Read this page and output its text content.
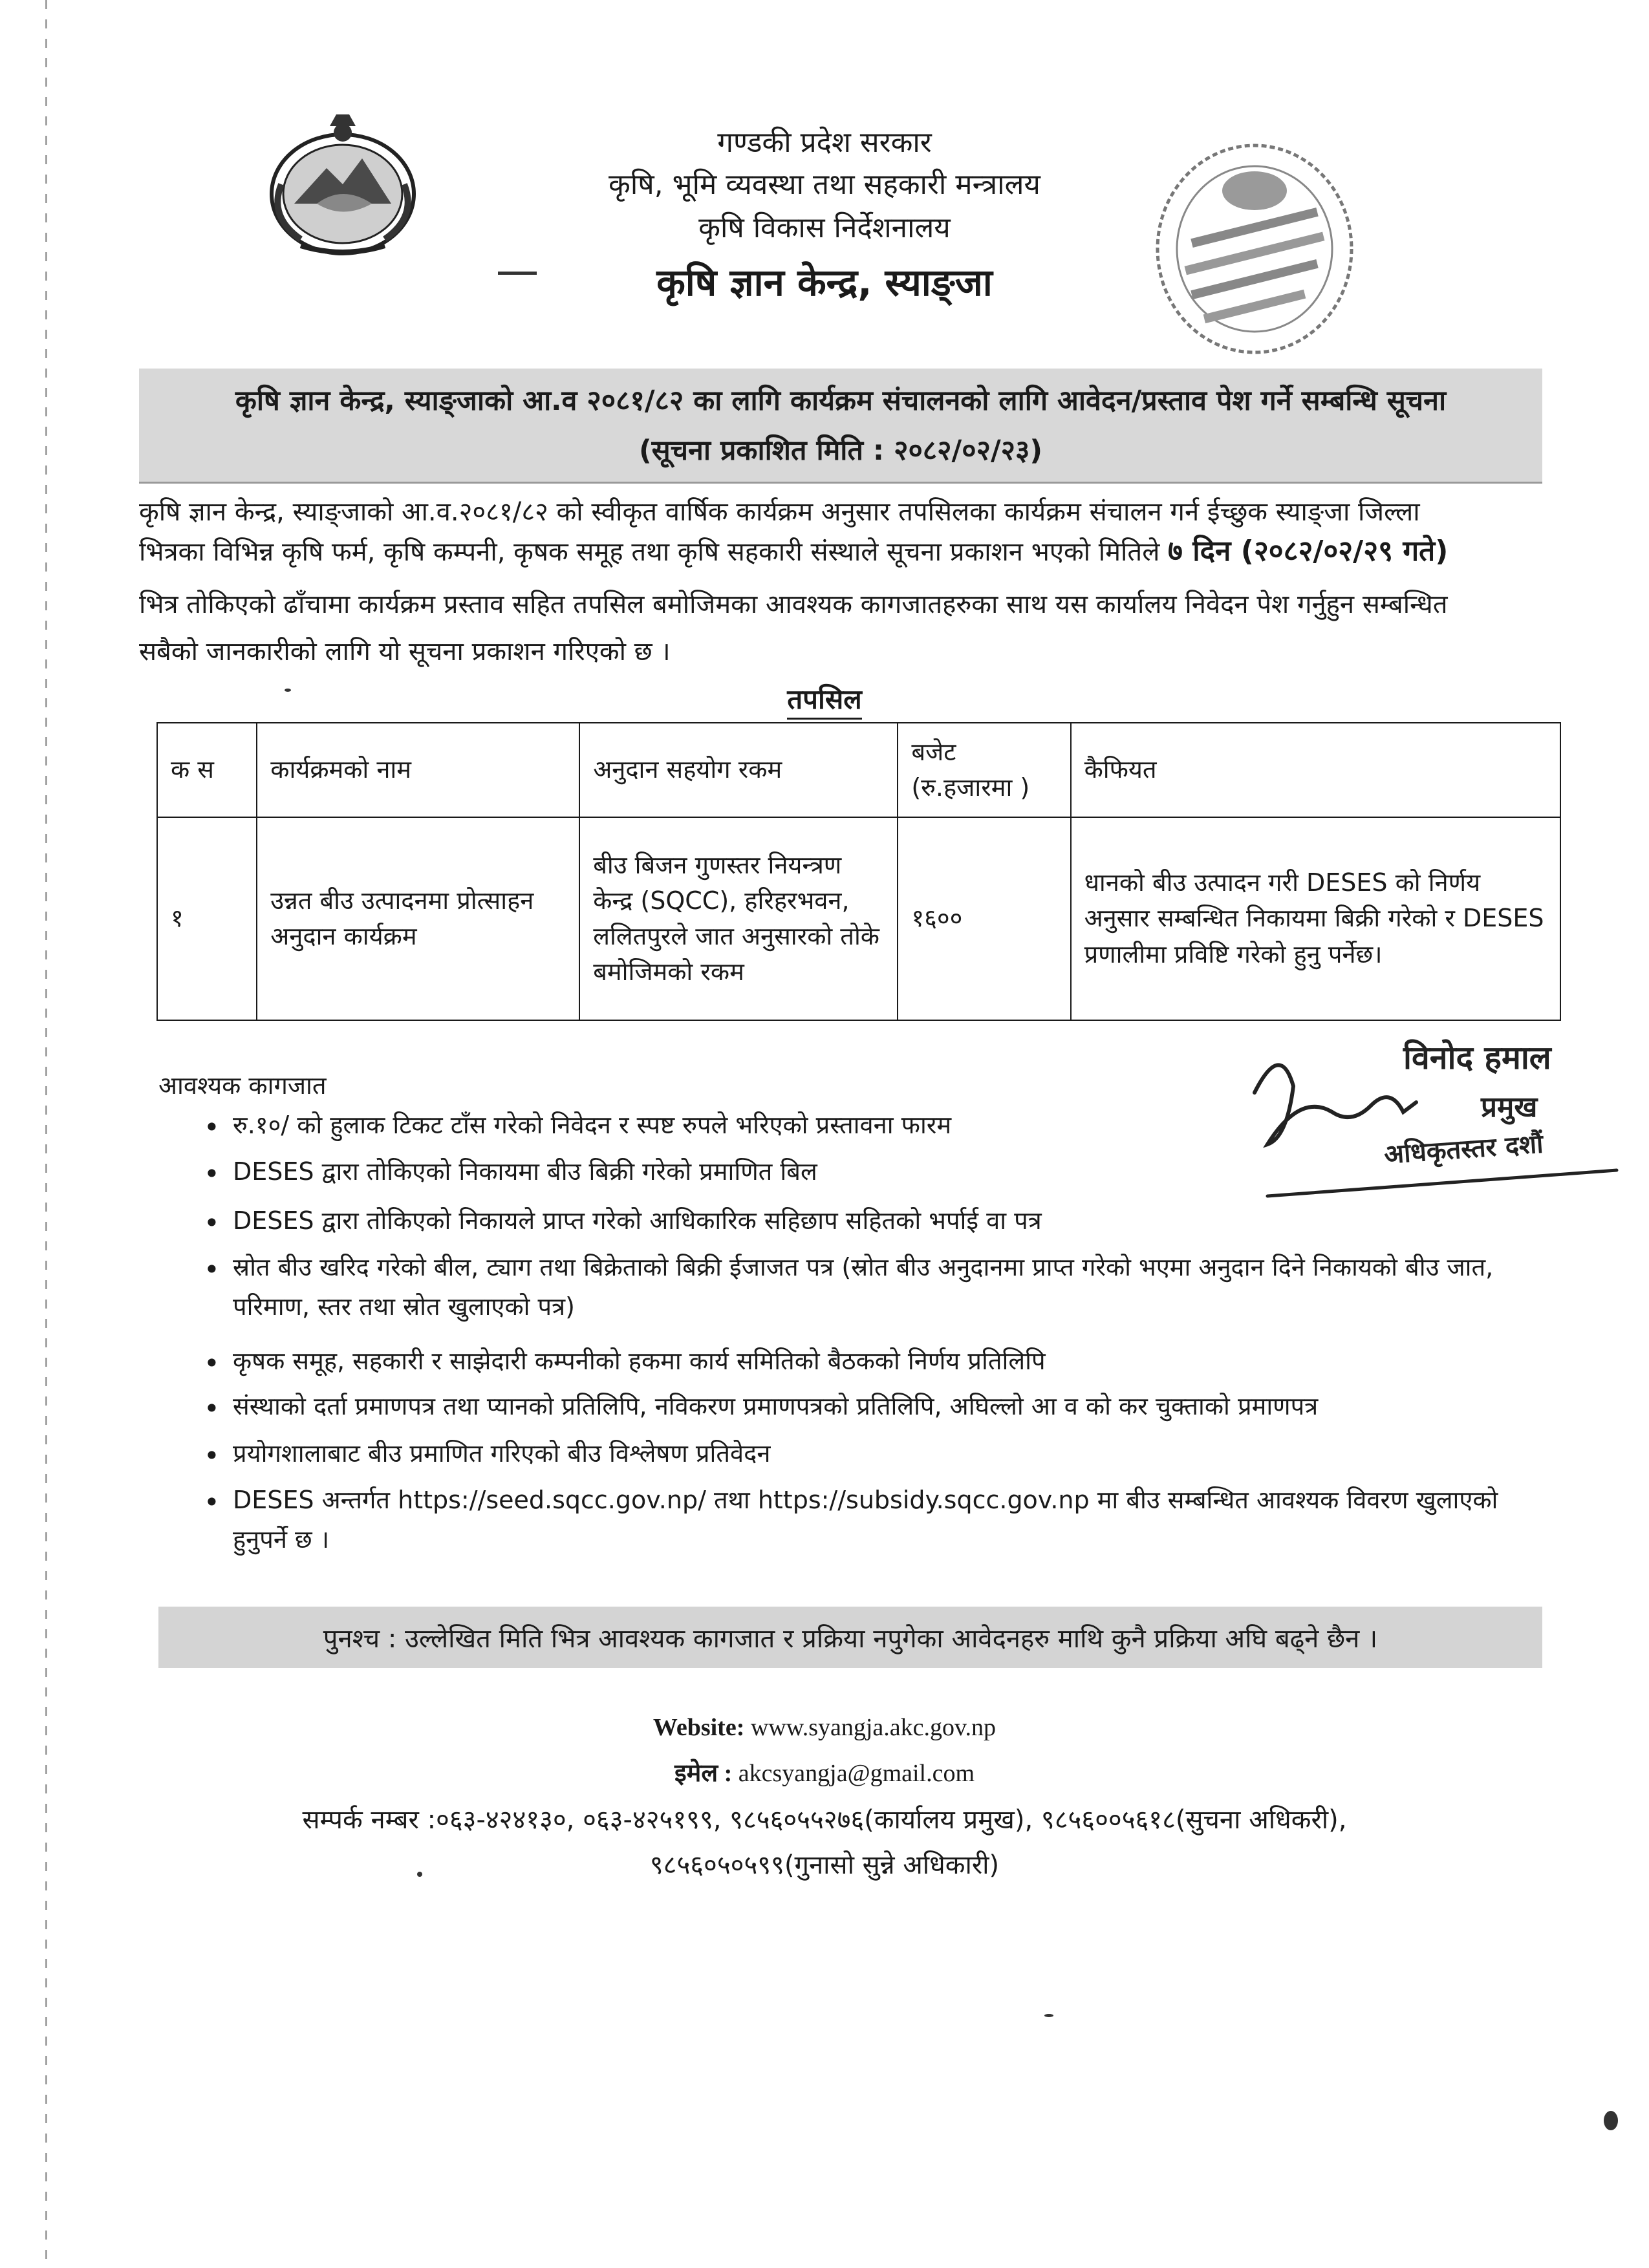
गण्डकी प्रदेश सरकार
कृषि, भूमि व्यवस्था तथा सहकारी मन्त्रालय
कृषि विकास निर्देशनालय
कृषि ज्ञान केन्द्र, स्याङ्जा
कृषि ज्ञान केन्द्र, स्याङ्जाको आ.व २०८१/८२ का लागि कार्यक्रम संचालनको लागि आवेदन/प्रस्ताव पेश गर्ने सम्बन्धि सूचना
(सूचना प्रकाशित मिति : २०८२/०२/२३)
कृषि ज्ञान केन्द्र, स्याङ्जाको आ.व.२०८१/८२ को स्वीकृत वार्षिक कार्यक्रम अनुसार तपसिलका कार्यक्रम संचालन गर्न ईच्छुक स्याङ्जा जिल्ला
भित्रका विभिन्न कृषि फर्म, कृषि कम्पनी, कृषक समूह तथा कृषि सहकारी संस्थाले सूचना प्रकाशन भएको मितिले ७ दिन (२०८२/०२/२९ गते)
भित्र तोकिएको ढाँचामा कार्यक्रम प्रस्ताव सहित तपसिल बमोजिमका आवश्यक कागजातहरुका साथ यस कार्यालय निवेदन पेश गर्नुहुन सम्बन्धित
सबैको जानकारीको लागि यो सूचना प्रकाशन गरिएको छ ।
तपसिल
क स	कार्यक्रमको नाम	अनुदान सहयोग रकम	बजेट (रु.हजारमा )	कैफियत
१	उन्नत बीउ उत्पादनमा प्रोत्साहन अनुदान कार्यक्रम	बीउ बिजन गुणस्तर नियन्त्रण केन्द्र (SQCC), हरिहरभवन, ललितपुरले जात अनुसारको तोके बमोजिमको रकम	१६००	धानको बीउ उत्पादन गरी DESES को निर्णय अनुसार सम्बन्धित निकायमा बिक्री गरेको र DESES प्रणालीमा प्रविष्टि गरेको हुनु पर्नेछ।
विनोद हमाल
प्रमुख
अधिकृतस्तर दशौं
आवश्यक कागजात
• रु.१०/ को हुलाक टिकट टाँस गरेको निवेदन र स्पष्ट रुपले भरिएको प्रस्तावना फारम
• DESES द्वारा तोकिएको निकायमा बीउ बिक्री गरेको प्रमाणित बिल
• DESES द्वारा तोकिएको निकायले प्राप्त गरेको आधिकारिक सहिछाप सहितको भर्पाई वा पत्र
• स्रोत बीउ खरिद गरेको बील, ट्याग तथा बिक्रेताको बिक्री ईजाजत पत्र (स्रोत बीउ अनुदानमा प्राप्त गरेको भएमा अनुदान दिने निकायको बीउ जात, परिमाण, स्तर तथा स्रोत खुलाएको पत्र)
• कृषक समूह, सहकारी र साझेदारी कम्पनीको हकमा कार्य समितिको बैठकको निर्णय प्रतिलिपि
• संस्थाको दर्ता प्रमाणपत्र तथा प्यानको प्रतिलिपि, नविकरण प्रमाणपत्रको प्रतिलिपि, अघिल्लो आ व को कर चुक्ताको प्रमाणपत्र
• प्रयोगशालाबाट बीउ प्रमाणित गरिएको बीउ विश्लेषण प्रतिवेदन
• DESES अन्तर्गत https://seed.sqcc.gov.np/ तथा https://subsidy.sqcc.gov.np मा बीउ सम्बन्धित आवश्यक विवरण खुलाएको हुनुपर्ने छ ।
पुनश्च : उल्लेखित मिति भित्र आवश्यक कागजात र प्रक्रिया नपुगेका आवेदनहरु माथि कुनै प्रक्रिया अघि बढ्ने छैन ।
Website: www.syangja.akc.gov.np
इमेल : akcsyangja@gmail.com
सम्पर्क नम्बर :०६३-४२४१३०, ०६३-४२५१९९, ९८५६०५५२७६(कार्यालय प्रमुख), ९८५६००५६१८(सुचना अधिकरी),
९८५६०५०५९९(गुनासो सुन्ने अधिकारी)
